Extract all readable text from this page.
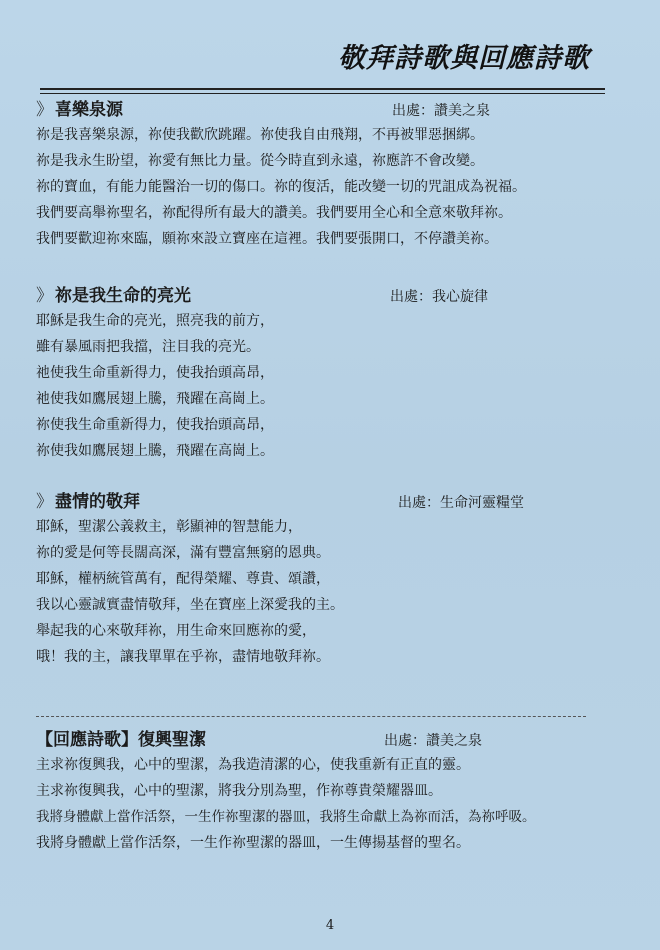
敬拜詩歌與回應詩歌
》 喜樂泉源	出處：讚美之泉
祢是我喜樂泉源，祢使我歡欣跳躍。祢使我自由飛翔，不再被罪惡捆綁。
祢是我永生盼望，祢愛有無比力量。從今時直到永遠，祢應許不會改變。
祢的寶血，有能力能醫治一切的傷口。祢的復活，能改變一切的咒詛成為祝福。
我們要高舉祢聖名，祢配得所有最大的讚美。我們要用全心和全意來敬拜祢。
我們要歡迎祢來臨，願祢來設立寶座在這裡。我們要張開口，不停讚美祢。
》 祢是我生命的亮光	出處：我心旋律
耶穌是我生命的亮光，照亮我的前方，
雖有暴風雨把我擋，注目我的亮光。
祂使我生命重新得力，使我抬頭高昂，
祂使我如鷹展翅上騰，飛躍在高崗上。
祢使我生命重新得力，使我抬頭高昂，
祢使我如鷹展翅上騰，飛躍在高崗上。
》 盡情的敬拜	出處：生命河靈糧堂
耶穌，聖潔公義救主，彰顯神的智慧能力，
祢的愛是何等長闊高深，滿有豐富無窮的恩典。
耶穌，權柄統管萬有，配得榮耀、尊貴、頌讚，
我以心靈誠實盡情敬拜，坐在寶座上深愛我的主。
舉起我的心來敬拜祢，用生命來回應祢的愛，
哦！我的主，讓我單單在乎祢，盡情地敬拜祢。
【回應詩歌】復興聖潔	出處：讚美之泉
主求祢復興我，心中的聖潔，為我造清潔的心，使我重新有正直的靈。
主求祢復興我，心中的聖潔，將我分別為聖，作祢尊貴榮耀器皿。
我將身體獻上當作活祭，一生作祢聖潔的器皿，我將生命獻上為祢而活，為祢呼吸。
我將身體獻上當作活祭，一生作祢聖潔的器皿，一生傳揚基督的聖名。
4
